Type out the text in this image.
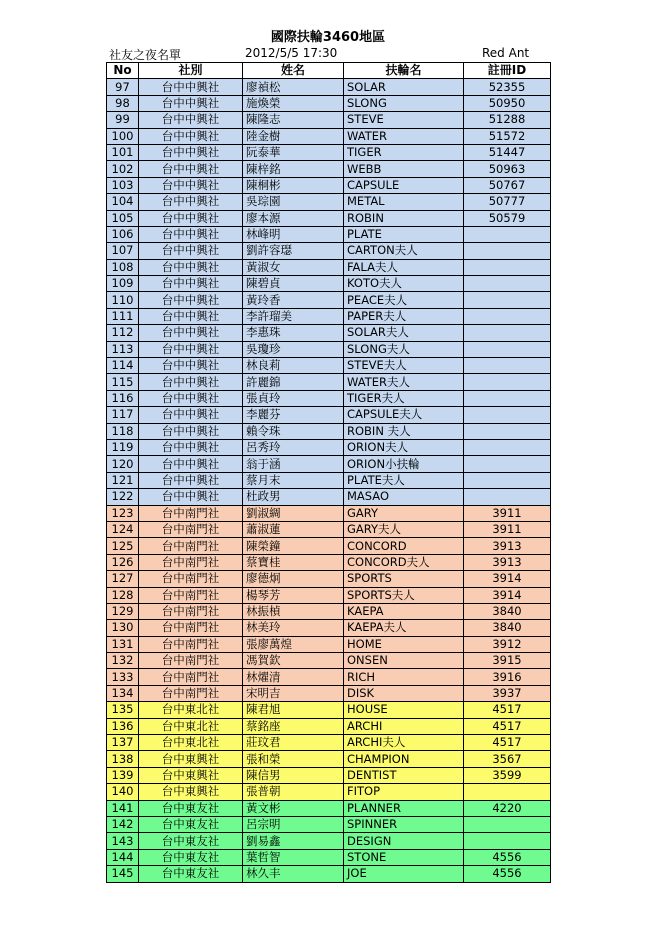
國際扶輪3460地區
社友之夜名單	2012/5/5 17:30	Red Ant
No	社別	姓名	扶輪名	註冊ID
97	台中中興社	廖禎松	SOLAR	52355
98	台中中興社	施煥榮	SLONG	50950
99	台中中興社	陳隆志	STEVE	51288
100	台中中興社	陸金樹	WATER	51572
101	台中中興社	阮泰華	TIGER	51447
102	台中中興社	陳梓銘	WEBB	50963
103	台中中興社	陳桐彬	CAPSULE	50767
104	台中中興社	吳琮園	METAL	50777
105	台中中興社	廖本源	ROBIN	50579
106	台中中興社	林峰明	PLATE	
107	台中中興社	劉許容璱	CARTON夫人	
108	台中中興社	黃淑女	FALA夫人	
109	台中中興社	陳碧貞	KOTO夫人	
110	台中中興社	黃玲香	PEACE夫人	
111	台中中興社	李許瑠美	PAPER夫人	
112	台中中興社	李惠珠	SOLAR夫人	
113	台中中興社	吳瓊珍	SLONG夫人	
114	台中中興社	林良莉	STEVE夫人	
115	台中中興社	許麗錦	WATER夫人	
116	台中中興社	張貞玲	TIGER夫人	
117	台中中興社	李麗芬	CAPSULE夫人	
118	台中中興社	賴令珠	ROBIN 夫人	
119	台中中興社	呂秀玲	ORION夫人	
120	台中中興社	翁于涵	ORION小扶輪	
121	台中中興社	蔡月末	PLATE夫人	
122	台中中興社	杜政男	MASAO	
123	台中南門社	劉淑綢	GARY	3911
124	台中南門社	蕭淑蓮	GARY夫人	3911
125	台中南門社	陳榮鐘	CONCORD	3913
126	台中南門社	蔡寶桂	CONCORD夫人	3913
127	台中南門社	廖德炯	SPORTS	3914
128	台中南門社	楊琴芳	SPORTS夫人	3914
129	台中南門社	林振楨	KAEPA	3840
130	台中南門社	林美玲	KAEPA夫人	3840
131	台中南門社	張廖萬煌	HOME	3912
132	台中南門社	馮賀欽	ONSEN	3915
133	台中南門社	林燿清	RICH	3916
134	台中南門社	宋明吉	DISK	3937
135	台中東北社	陳君旭	HOUSE	4517
136	台中東北社	蔡銘座	ARCHI	4517
137	台中東北社	莊玟君	ARCHI夫人	4517
138	台中東興社	張和榮	CHAMPION	3567
139	台中東興社	陳信男	DENTIST	3599
140	台中東興社	張普朝	FITOP	
141	台中東友社	黃文彬	PLANNER	4220
142	台中東友社	呂宗明	SPINNER	
143	台中東友社	劉易鑫	DESIGN	
144	台中東友社	葉哲智	STONE	4556
145	台中東友社	林久丰	JOE	4556
